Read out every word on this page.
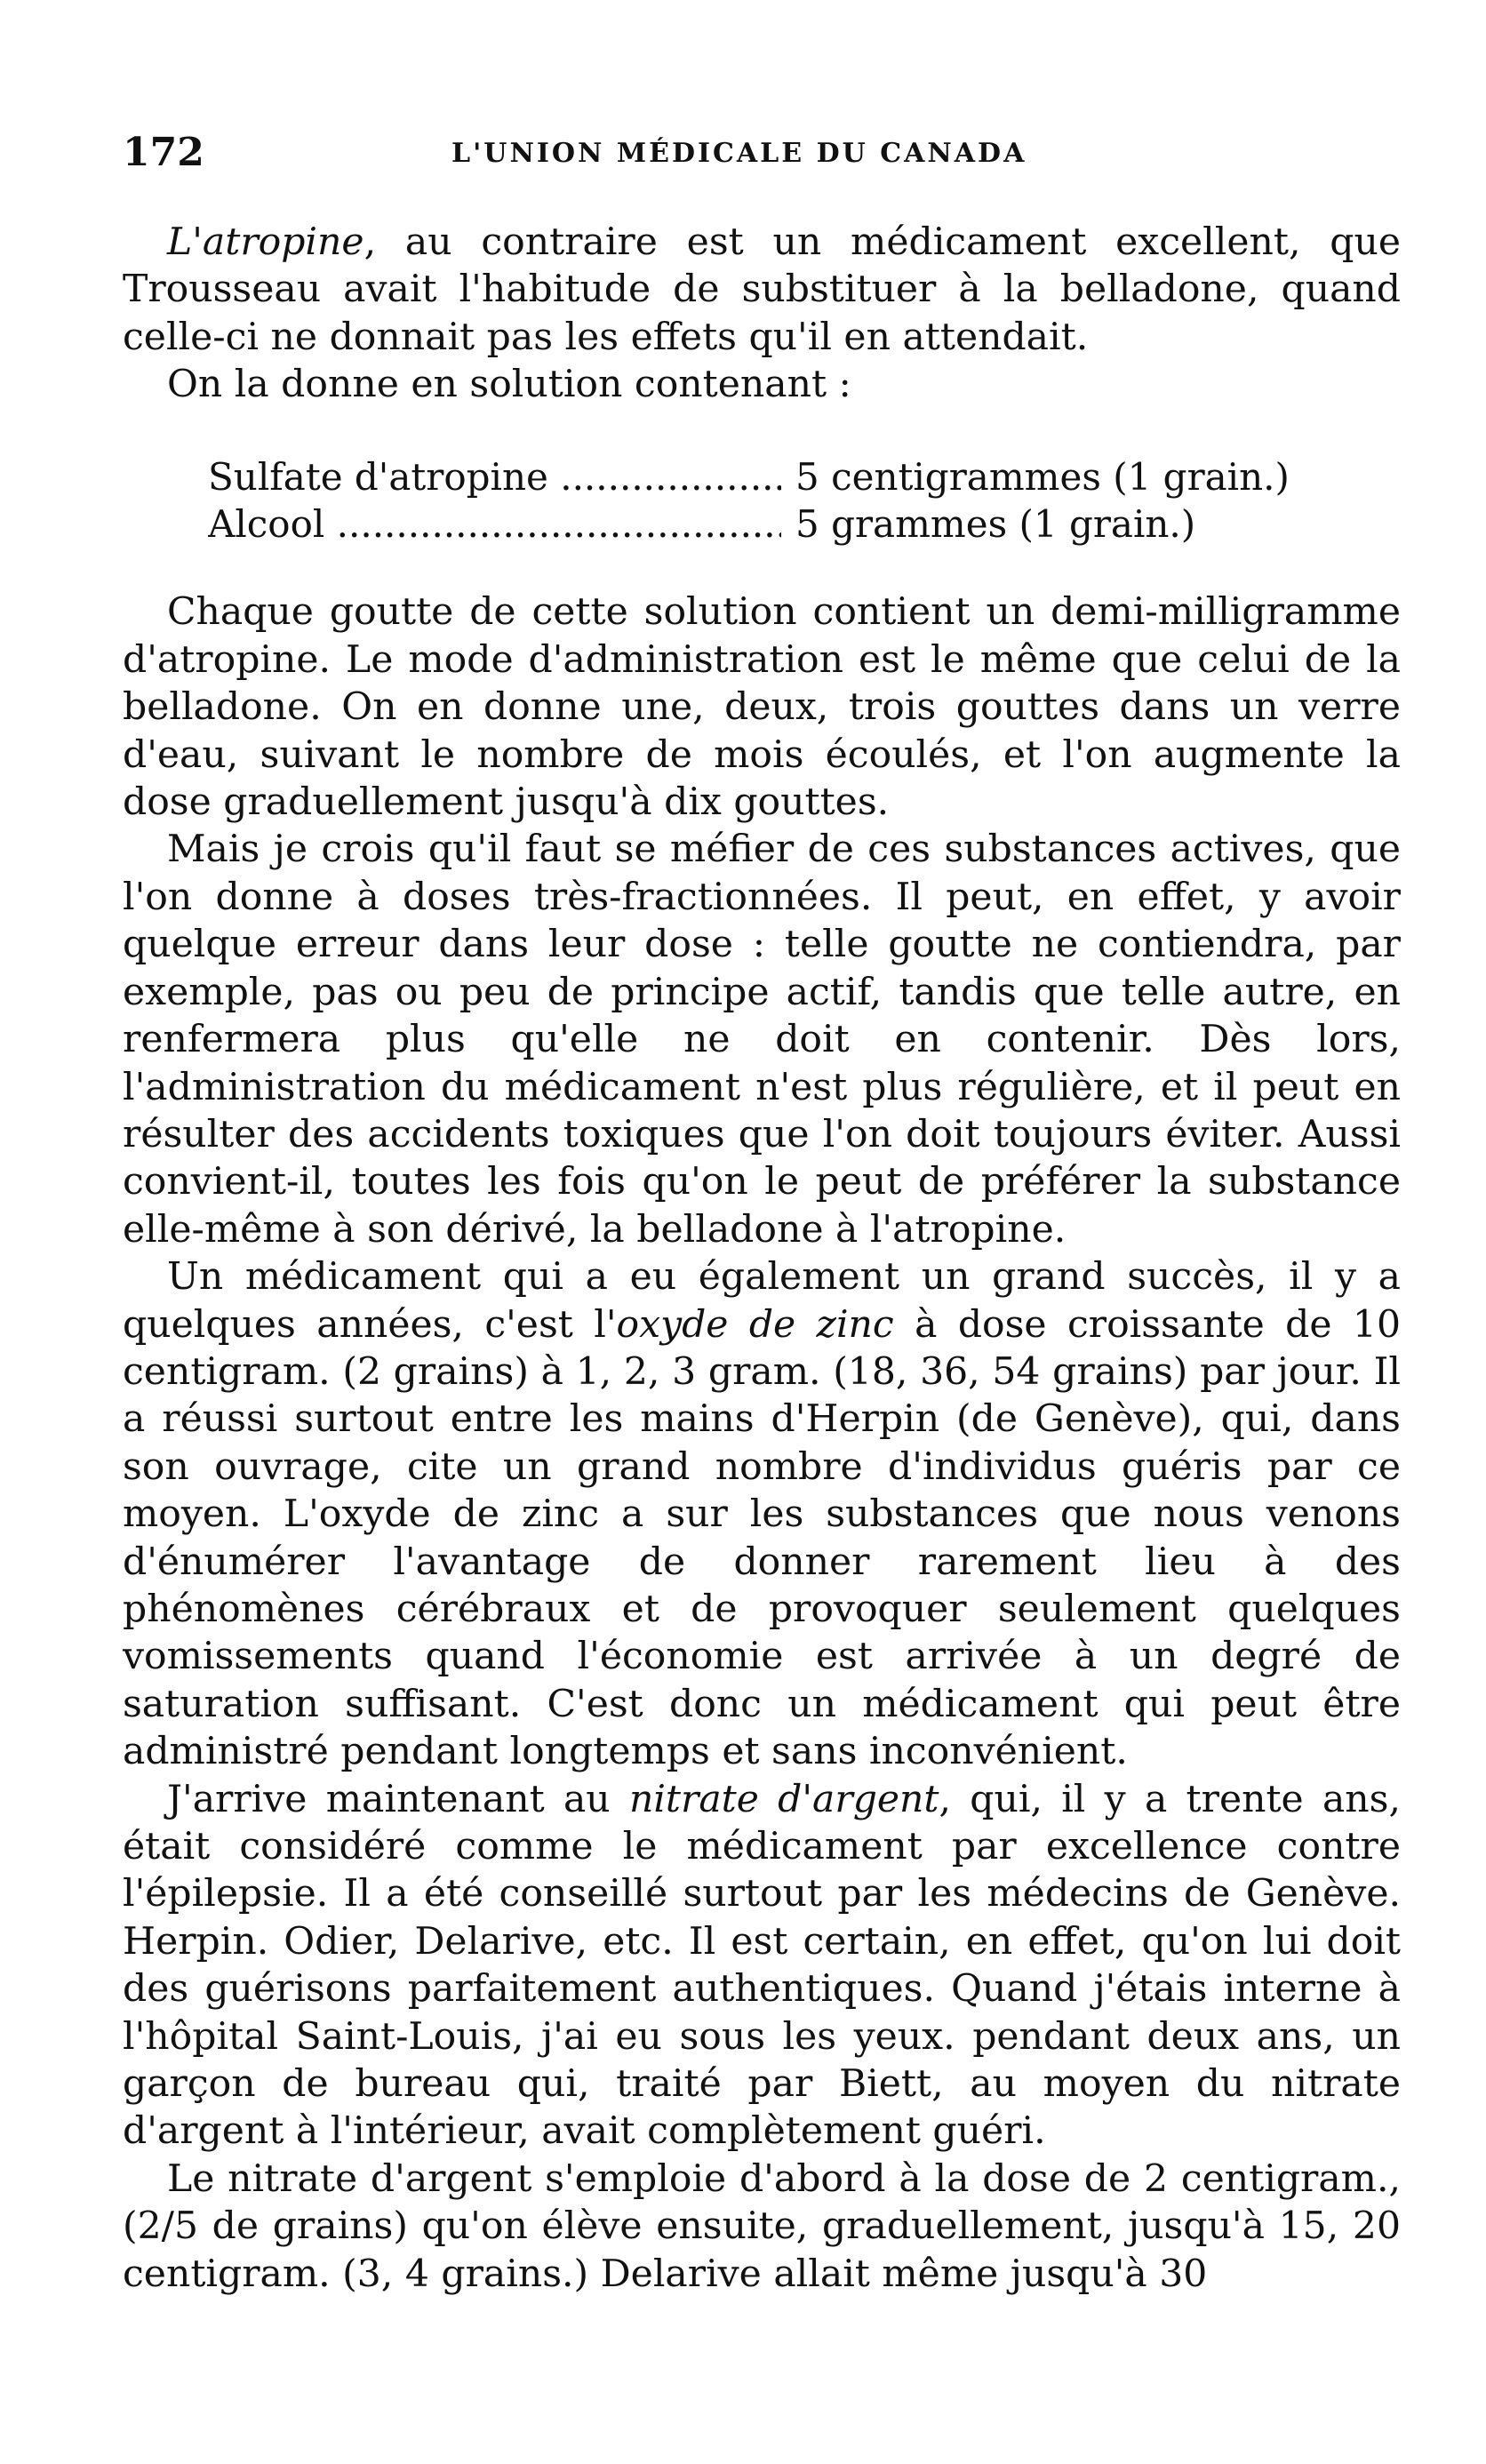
172	L'UNION MÉDICALE DU CANADA

L'atropine, au contraire est un médicament excellent, que Trousseau avait l'habitude de substituer à la belladone, quand celle-ci ne donnait pas les effets qu'il en attendait.

On la donne en solution contenant :

Sulfate d'atropine .....	5 centigrammes (1 grain.)
Alcool .....	5 grammes (1 grain.)

Chaque goutte de cette solution contient un demi-milligramme d'atropine. Le mode d'administration est le même que celui de la belladone. On en donne une, deux, trois gouttes dans un verre d'eau, suivant le nombre de mois écoulés, et l'on augmente la dose graduellement jusqu'à dix gouttes.

Mais je crois qu'il faut se méfier de ces substances actives, que l'on donne à doses très-fractionnées. Il peut, en effet, y avoir quelque erreur dans leur dose : telle goutte ne contiendra, par exemple, pas ou peu de principe actif, tandis que telle autre, en renfermera plus qu'elle ne doit en contenir. Dès lors, l'administration du médicament n'est plus régulière, et il peut en résulter des accidents toxiques que l'on doit toujours éviter. Aussi convient-il, toutes les fois qu'on le peut de préférer la substance elle-même à son dérivé, la belladone à l'atropine.

Un médicament qui a eu également un grand succès, il y a quelques années, c'est l'oxyde de zinc à dose croissante de 10 centigram. (2 grains) à 1, 2, 3 gram. (18, 36, 54 grains) par jour. Il a réussi surtout entre les mains d'Herpin (de Genève), qui, dans son ouvrage, cite un grand nombre d'individus guéris par ce moyen. L'oxyde de zinc a sur les substances que nous venons d'énumérer l'avantage de donner rarement lieu à des phénomènes cérébraux et de provoquer seulement quelques vomissements quand l'économie est arrivée à un degré de saturation suffisant. C'est donc un médicament qui peut être administré pendant longtemps et sans inconvénient.

J'arrive maintenant au nitrate d'argent, qui, il y a trente ans, était considéré comme le médicament par excellence contre l'épilepsie. Il a été conseillé surtout par les médecins de Genève. Herpin. Odier, Delarive, etc. Il est certain, en effet, qu'on lui doit des guérisons parfaitement authentiques. Quand j'étais interne à l'hôpital Saint-Louis, j'ai eu sous les yeux. pendant deux ans, un garçon de bureau qui, traité par Biett, au moyen du nitrate d'argent à l'intérieur, avait complètement guéri.

Le nitrate d'argent s'emploie d'abord à la dose de 2 centigram., (2/5 de grains) qu'on élève ensuite, graduellement, jusqu'à 15, 20 centigram. (3, 4 grains.) Delarive allait même jusqu'à 30
